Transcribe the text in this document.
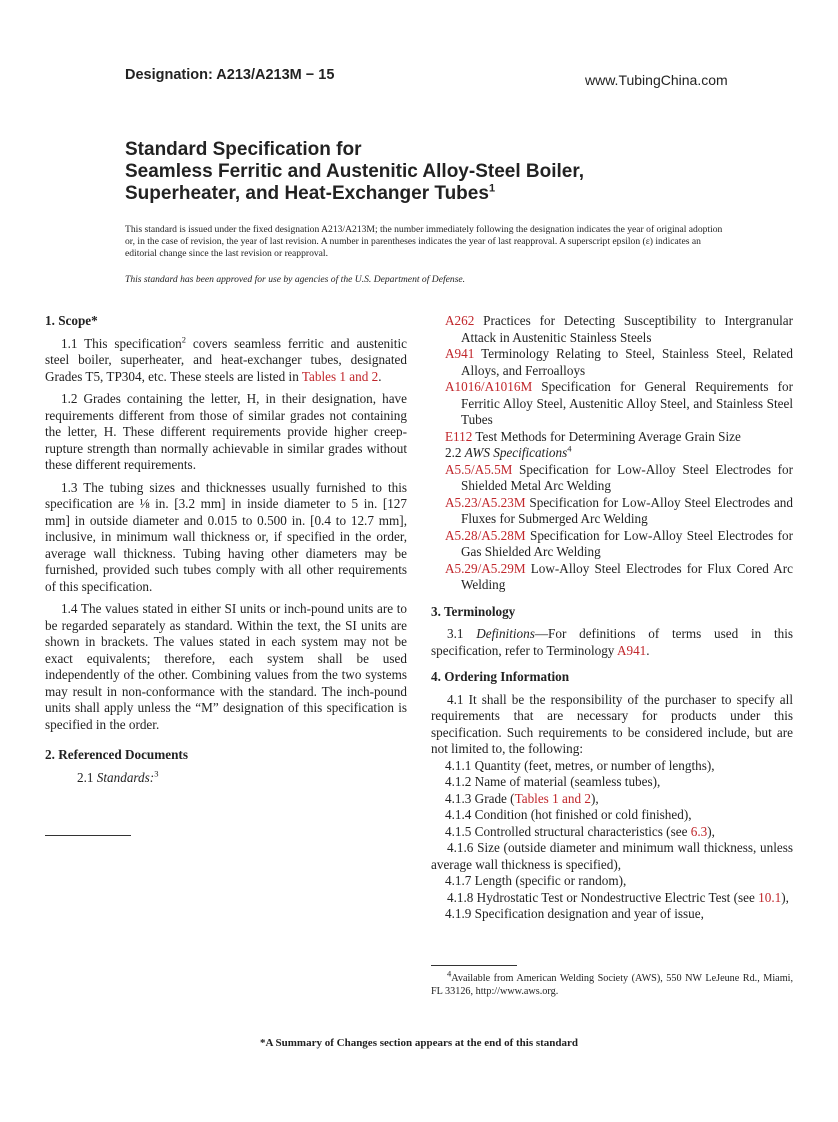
Designation: A213/A213M − 15	www.TubingChina.com
Standard Specification for
Seamless Ferritic and Austenitic Alloy-Steel Boiler,
Superheater, and Heat-Exchanger Tubes$^1$
This standard is issued under the fixed designation A213/A213M; the number immediately following the designation indicates the year of original adoption or, in the case of revision, the year of last revision. A number in parentheses indicates the year of last reapproval. A superscript epsilon (ε) indicates an editorial change since the last revision or reapproval.
This standard has been approved for use by agencies of the U.S. Department of Defense.
1. Scope*

1.1 This specification$^2$ covers seamless ferritic and austenitic steel boiler, superheater, and heat-exchanger tubes, designated Grades T5, TP304, etc. These steels are listed in Tables 1 and 2.

1.2 Grades containing the letter, H, in their designation, have requirements different from those of similar grades not containing the letter, H. These different requirements provide higher creep-rupture strength than normally achievable in similar grades without these different requirements.

1.3 The tubing sizes and thicknesses usually furnished to this specification are ⅛ in. [3.2 mm] in inside diameter to 5 in. [127 mm] in outside diameter and 0.015 to 0.500 in. [0.4 to 12.7 mm], inclusive, in minimum wall thickness or, if specified in the order, average wall thickness. Tubing having other diameters may be furnished, provided such tubes comply with all other requirements of this specification.

1.4 The values stated in either SI units or inch-pound units are to be regarded separately as standard. Within the text, the SI units are shown in brackets. The values stated in each system may not be exact equivalents; therefore, each system shall be used independently of the other. Combining values from the two systems may result in non-conformance with the standard. The inch-pound units shall apply unless the “M” designation of this specification is specified in the order.

2. Referenced Documents
2.1 Standards:$^3$
A262 Practices for Detecting Susceptibility to Intergranular Attack in Austenitic Stainless Steels
A941 Terminology Relating to Steel, Stainless Steel, Related Alloys, and Ferroalloys
A1016/A1016M Specification for General Requirements for Ferritic Alloy Steel, Austenitic Alloy Steel, and Stainless Steel Tubes
E112 Test Methods for Determining Average Grain Size
2.2 AWS Specifications$^4$
A5.5/A5.5M Specification for Low-Alloy Steel Electrodes for Shielded Metal Arc Welding
A5.23/A5.23M Specification for Low-Alloy Steel Electrodes and Fluxes for Submerged Arc Welding
A5.28/A5.28M Specification for Low-Alloy Steel Electrodes for Gas Shielded Arc Welding
A5.29/A5.29M Low-Alloy Steel Electrodes for Flux Cored Arc Welding
3. Terminology

3.1 Definitions—For definitions of terms used in this specification, refer to Terminology A941.

4. Ordering Information

4.1 It shall be the responsibility of the purchaser to specify all requirements that are necessary for products under this specification. Such requirements to be considered include, but are not limited to, the following:

4.1.1 Quantity (feet, metres, or number of lengths),
4.1.2 Name of material (seamless tubes),
4.1.3 Grade (Tables 1 and 2),
4.1.4 Condition (hot finished or cold finished),
4.1.5 Controlled structural characteristics (see 6.3),

4.1.6 Size (outside diameter and minimum wall thickness, unless average wall thickness is specified),

4.1.7 Length (specific or random),

4.1.8 Hydrostatic Test or Nondestructive Electric Test (see 10.1),

4.1.9 Specification designation and year of issue,
$^4$Available from American Welding Society (AWS), 550 NW LeJeune Rd., Miami, FL 33126, http://www.aws.org.
*A Summary of Changes section appears at the end of this standard
